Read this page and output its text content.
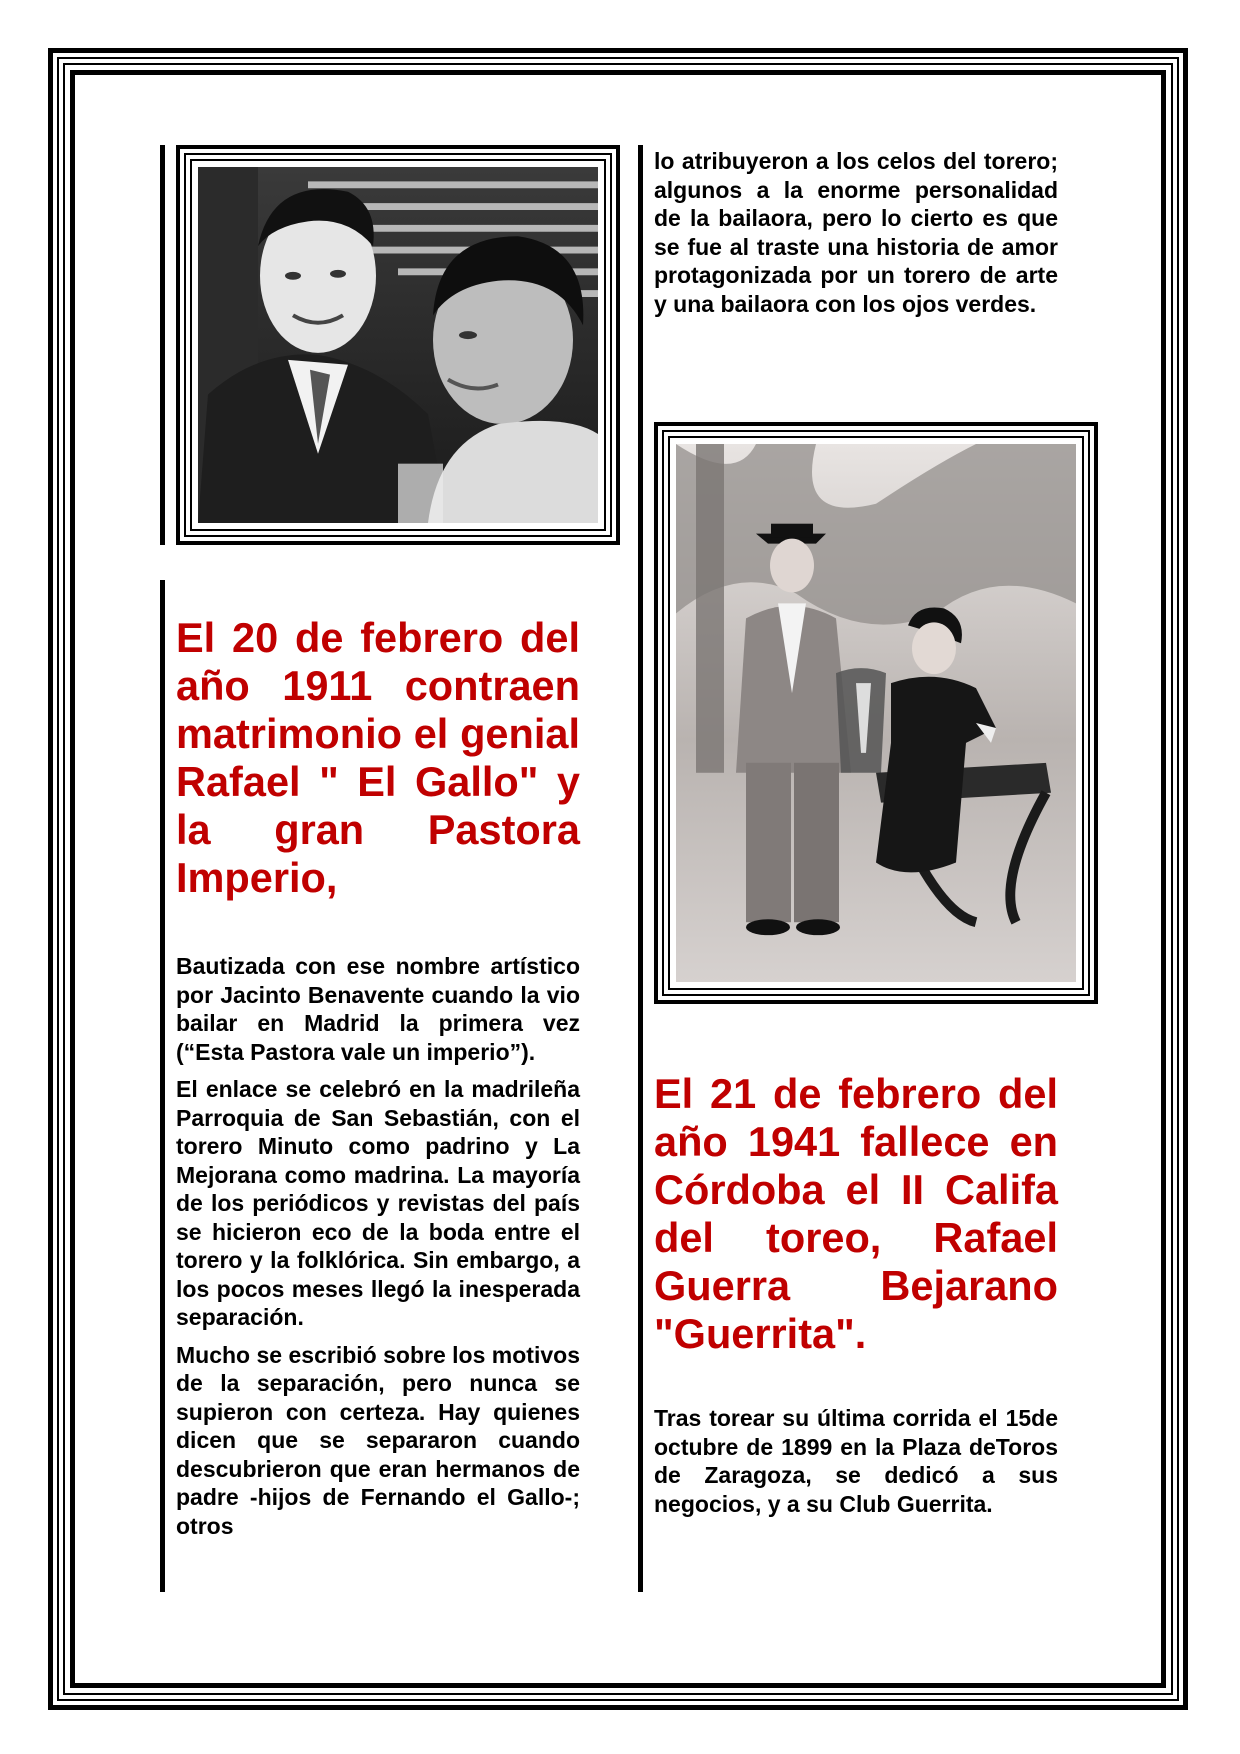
El 20 de febrero del año 1911 contraen matrimonio el genial Rafael " El Gallo" y la gran Pastora Imperio,

Bautizada con ese nombre artístico por Jacinto Benavente cuando la vio bailar en Madrid la primera vez (“Esta Pastora vale un imperio”).

El enlace se celebró en la madrileña Parroquia de San Sebastián, con el torero Minuto como padrino y La Mejorana como madrina. La mayoría de los periódicos y revistas del país se hicieron eco de la boda entre el torero y la folklórica. Sin embargo, a los pocos meses llegó la inesperada separación.

Mucho se escribió sobre los motivos de la separación, pero nunca se supieron con certeza. Hay quienes dicen que se separaron cuando descubrieron que eran hermanos de padre -hijos de Fernando el Gallo-; otros

lo atribuyeron a los celos del torero; algunos a la enorme personalidad de la bailaora, pero lo cierto es que se fue al traste una historia de amor protagonizada por un torero de arte y una bailaora con los ojos verdes.

El 21 de febrero del año 1941 fallece en Córdoba el II Califa del toreo, Rafael Guerra Bejarano "Guerrita".

Tras torear su última corrida el 15de octubre de 1899 en la Plaza deToros de Zaragoza, se dedicó a sus negocios, y a su Club Guerrita.
